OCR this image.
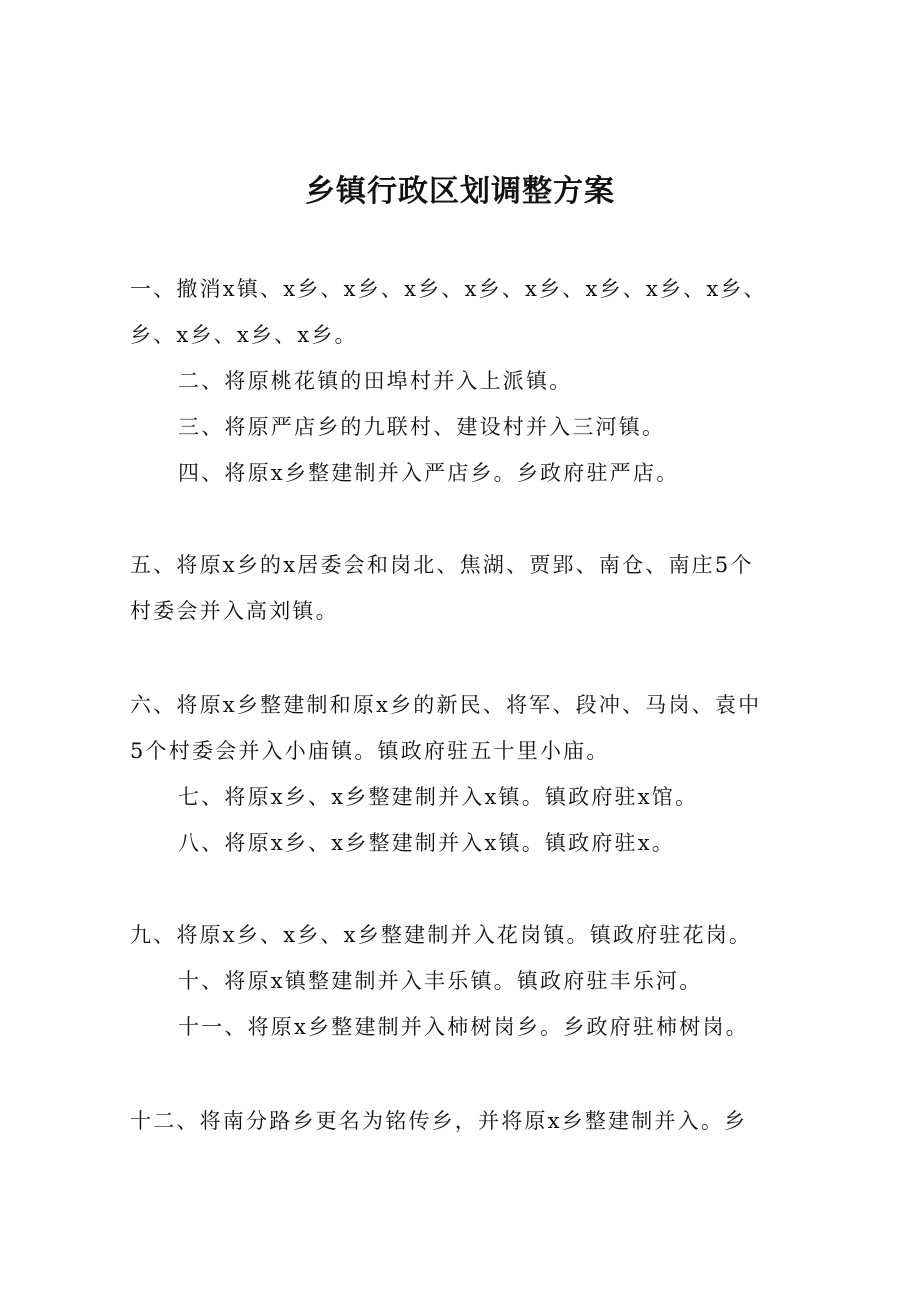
乡镇行政区划调整方案
一、撤消x镇、x乡、x乡、x乡、x乡、x乡、x乡、x乡、x乡、
乡、x乡、x乡、x乡。
二、将原桃花镇的田埠村并入上派镇。
三、将原严店乡的九联村、建设村并入三河镇。
四、将原x乡整建制并入严店乡。乡政府驻严店。
五、将原x乡的x居委会和岗北、焦湖、贾郢、南仓、南庄5个
村委会并入高刘镇。
六、将原x乡整建制和原x乡的新民、将军、段冲、马岗、袁中
5个村委会并入小庙镇。镇政府驻五十里小庙。
七、将原x乡、x乡整建制并入x镇。镇政府驻x馆。
八、将原x乡、x乡整建制并入x镇。镇政府驻x。
九、将原x乡、x乡、x乡整建制并入花岗镇。镇政府驻花岗。
十、将原x镇整建制并入丰乐镇。镇政府驻丰乐河。
十一、将原x乡整建制并入柿树岗乡。乡政府驻柿树岗。
十二、将南分路乡更名为铭传乡，并将原x乡整建制并入。乡
